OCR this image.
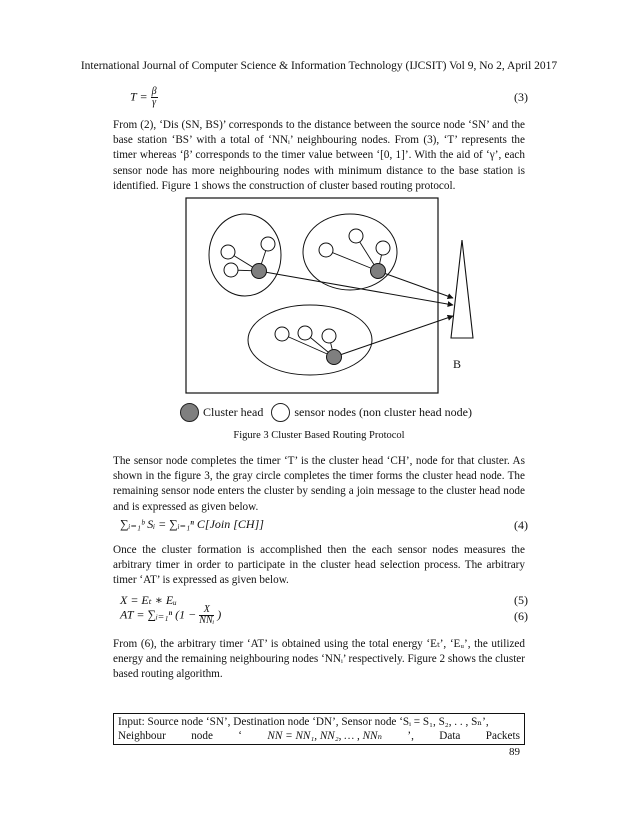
International Journal of Computer Science & Information Technology (IJCSIT) Vol 9, No 2, April 2017
$T = \frac{\beta}{\gamma}$	(3)
From (2), ‘Dis (SN, BS)’ corresponds to the distance between the source node ‘SN’ and the base station ‘BS’ with a total of ‘NNᵢ’ neighbouring nodes. From (3), ‘T’ represents the timer whereas ‘β’ corresponds to the timer value between ‘[0, 1]’. With the aid of ‘γ’, each sensor node has more neighbouring nodes with minimum distance to the base station is identified. Figure 1 shows the construction of cluster based routing protocol.
B
Cluster head	sensor nodes (non cluster head node)
Figure 3 Cluster Based Routing Protocol
The sensor node completes the timer ‘T’ is the cluster head ‘CH’, node for that cluster. As shown in the figure 3, the gray circle completes the timer forms the cluster head node. The remaining sensor node enters the cluster by sending a join message to the cluster head node and is expressed as given below.
∑ᵢ₌₁ᵇ Sᵢ = ∑ᵢ₌₁ⁿ C[Join [CH]]	(4)
Once the cluster formation is accomplished then the each sensor nodes measures the arbitrary timer in order to participate in the cluster head selection process. The arbitrary timer ‘AT’ is expressed as given below.
X = Eₜ ∗ Eᵤ	(5)
AT = ∑ᵢ₌₁ⁿ ($1 - \frac{X}{\text{NNᵢ}}$ )	(6)
From (6), the arbitrary timer ‘AT’ is obtained using the total energy ‘Eₜ’, ‘Eᵤ’, the utilized energy and the remaining neighbouring nodes ‘NNᵢ’ respectively. Figure 2 shows the cluster based routing algorithm.
Input: Source node ‘SN’, Destination node ‘DN’, Sensor node ‘Sᵢ = S₁, S₂, . . , Sₙ’,
Neighbour node ‘ NN = NN₁, NN₂, … , NNₙ ’, Data Packets
89
